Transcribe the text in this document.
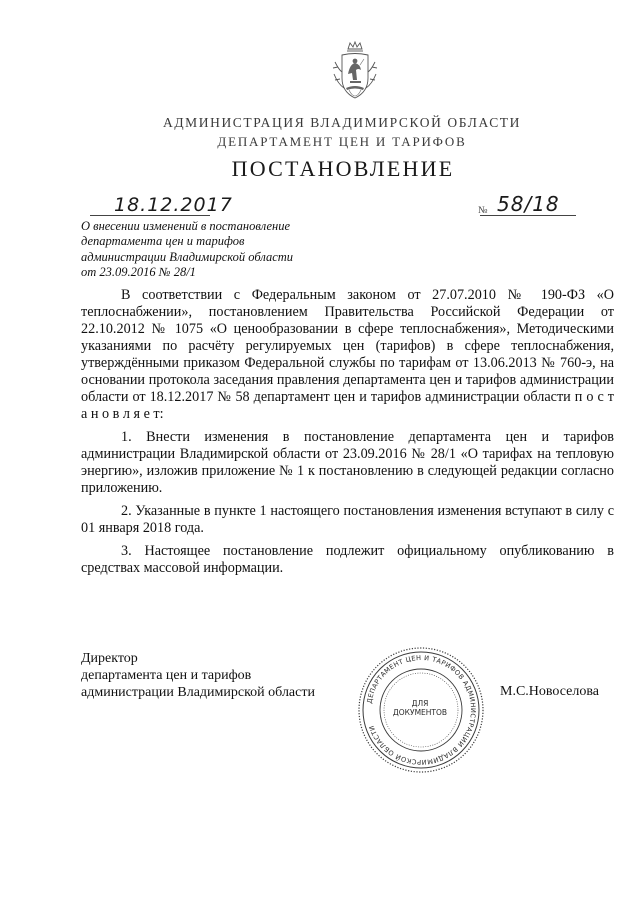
АДМИНИСТРАЦИЯ ВЛАДИМИРСКОЙ ОБЛАСТИ
ДЕПАРТАМЕНТ ЦЕН И ТАРИФОВ
ПОСТАНОВЛЕНИЕ
18.12.2017	№ 58/18
О внесении изменений в постановление
департамента цен и тарифов
администрации Владимирской области
от 23.09.2016 № 28/1

В соответствии с Федеральным законом от 27.07.2010 № 190-ФЗ «О теплоснабжении», постановлением Правительства Российской Федерации от 22.10.2012 № 1075 «О ценообразовании в сфере теплоснабжения», Методическими указаниями по расчёту регулируемых цен (тарифов) в сфере теплоснабжения, утверждёнными приказом Федеральной службы по тарифам от 13.06.2013 № 760-э, на основании протокола заседания правления департамента цен и тарифов администрации области от 18.12.2017 № 58 департамент цен и тарифов администрации области п о с т а н о в л я е т:

1. Внести изменения в постановление департамента цен и тарифов администрации Владимирской области от 23.09.2016 № 28/1 «О тарифах на тепловую энергию», изложив приложение № 1 к постановлению в следующей редакции согласно приложению.

2. Указанные в пункте 1 настоящего постановления изменения вступают в силу с 01 января 2018 года.

3. Настоящее постановление подлежит официальному опубликованию в средствах массовой информации.

Директор
департамента цен и тарифов
администрации Владимирской области
ДЕПАРТАМЕНТ ЦЕН И ТАРИФОВ АДМИНИСТРАЦИИ ВЛАДИМИРСКОЙ ОБЛАСТИ
ДЛЯ
ДОКУМЕНТОВ
М.С.Новоселова
